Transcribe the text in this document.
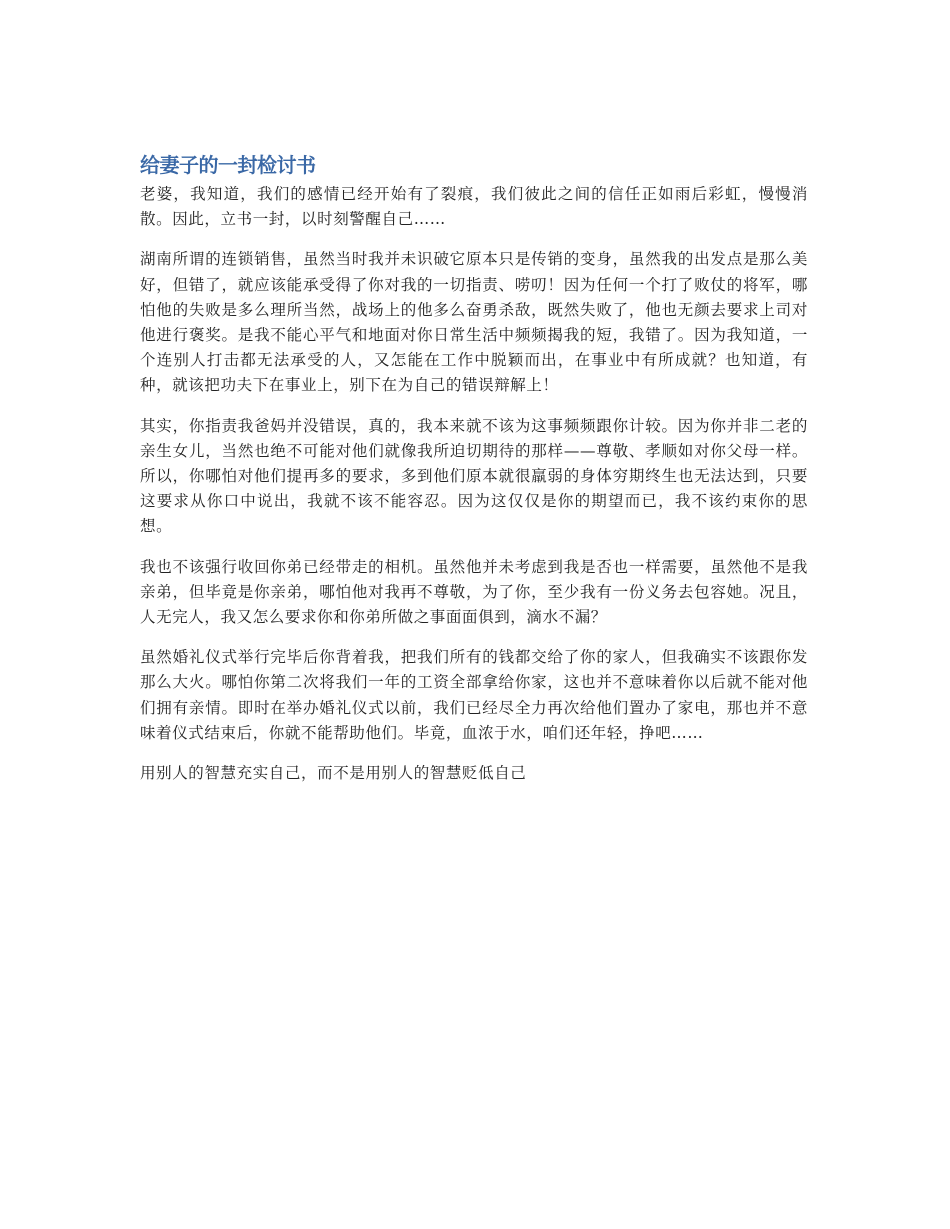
给妻子的一封检讨书

老婆，我知道，我们的感情已经开始有了裂痕，我们彼此之间的信任正如雨后彩虹，慢慢消散。因此，立书一封，以时刻警醒自己……

湖南所谓的连锁销售，虽然当时我并未识破它原本只是传销的变身，虽然我的出发点是那么美好，但错了，就应该能承受得了你对我的一切指责、唠叨！因为任何一个打了败仗的将军，哪怕他的失败是多么理所当然，战场上的他多么奋勇杀敌，既然失败了，他也无颜去要求上司对他进行褒奖。是我不能心平气和地面对你日常生活中频频揭我的短，我错了。因为我知道，一个连别人打击都无法承受的人，又怎能在工作中脱颖而出，在事业中有所成就？也知道，有种，就该把功夫下在事业上，别下在为自己的错误辩解上！

其实，你指责我爸妈并没错误，真的，我本来就不该为这事频频跟你计较。因为你并非二老的亲生女儿，当然也绝不可能对他们就像我所迫切期待的那样——尊敬、孝顺如对你父母一样。所以，你哪怕对他们提再多的要求，多到他们原本就很羸弱的身体穷期终生也无法达到，只要这要求从你口中说出，我就不该不能容忍。因为这仅仅是你的期望而已，我不该约束你的思想。

我也不该强行收回你弟已经带走的相机。虽然他并未考虑到我是否也一样需要，虽然他不是我亲弟，但毕竟是你亲弟，哪怕他对我再不尊敬，为了你，至少我有一份义务去包容她。况且，人无完人，我又怎么要求你和你弟所做之事面面俱到，滴水不漏？

虽然婚礼仪式举行完毕后你背着我，把我们所有的钱都交给了你的家人，但我确实不该跟你发那么大火。哪怕你第二次将我们一年的工资全部拿给你家，这也并不意味着你以后就不能对他们拥有亲情。即时在举办婚礼仪式以前，我们已经尽全力再次给他们置办了家电，那也并不意味着仪式结束后，你就不能帮助他们。毕竟，血浓于水，咱们还年轻，挣吧……

用别人的智慧充实自己，而不是用别人的智慧贬低自己
